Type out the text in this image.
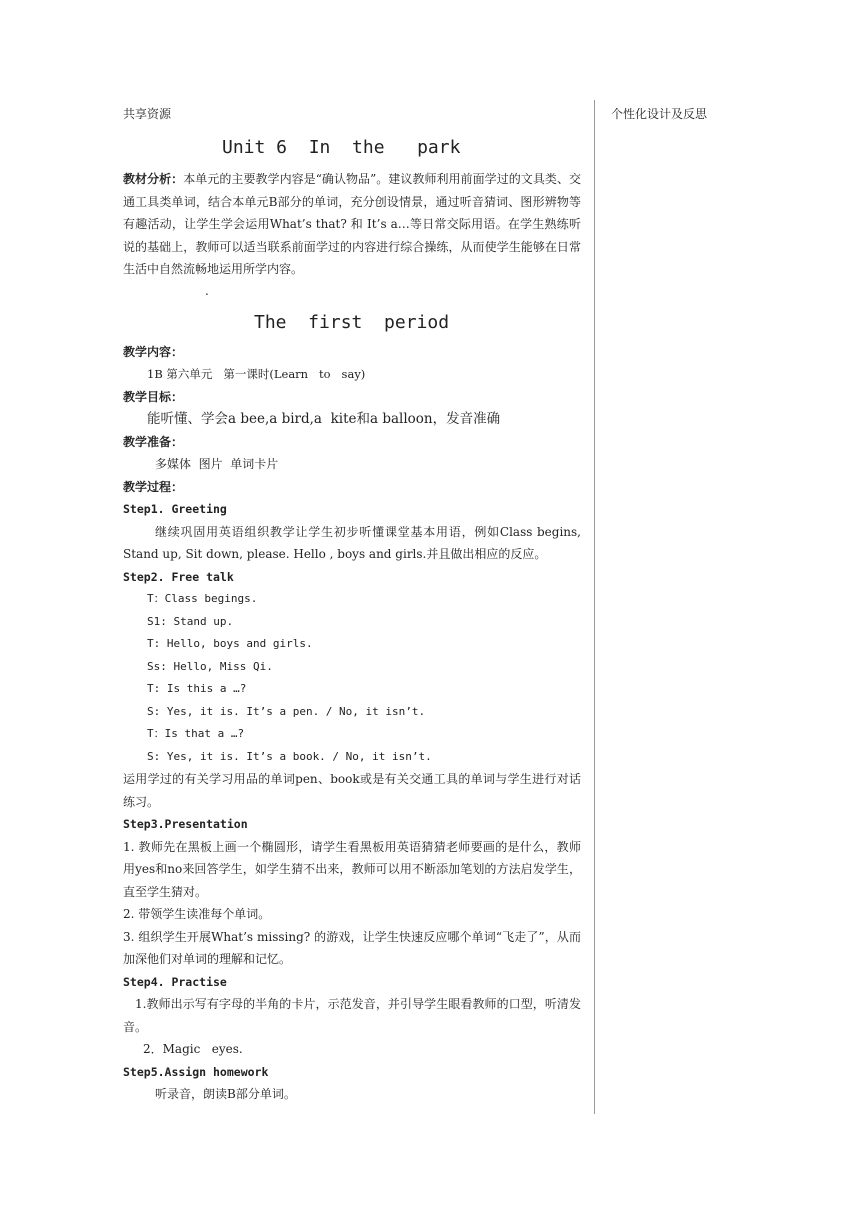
共享资源	个性化设计及反思
Unit 6  In  the   park
教材分析：本单元的主要教学内容是“确认物品”。建议教师利用前面学过的文具类、交通工具类单词，结合本单元B部分的单词，充分创设情景，通过听音猜词、图形辨物等有趣活动，让学生学会运用What’s that? 和 It’s a…等日常交际用语。在学生熟练听说的基础上，教师可以适当联系前面学过的内容进行综合操练，从而使学生能够在日常生活中自然流畅地运用所学内容。
.
The  first  period
教学内容：
1B 第六单元   第一课时(Learn   to   say)
教学目标：
能听懂、学会a bee,a bird,a  kite和a balloon，发音准确
教学准备：
多媒体  图片  单词卡片
教学过程：
Step1. Greeting
继续巩固用英语组织教学让学生初步听懂课堂基本用语，例如Class begins, Stand up, Sit down, please. Hello , boys and girls.并且做出相应的反应。
Step2. Free talk
T：Class begings.
S1: Stand up.
T: Hello, boys and girls.
Ss: Hello, Miss Qi.
T: Is this a …?
S: Yes, it is. It’s a pen. / No, it isn’t.
T：Is that a …?
S: Yes, it is. It’s a book. / No, it isn’t.
运用学过的有关学习用品的单词pen、book或是有关交通工具的单词与学生进行对话练习。
Step3.Presentation
1. 教师先在黑板上画一个椭圆形，请学生看黑板用英语猜猜老师要画的是什么，教师用yes和no来回答学生，如学生猜不出来，教师可以用不断添加笔划的方法启发学生，直至学生猜对。
2. 带领学生读准每个单词。
3. 组织学生开展What’s missing? 的游戏，让学生快速反应哪个单词“飞走了”，从而加深他们对单词的理解和记忆。
Step4. Practise
1.教师出示写有字母的半角的卡片，示范发音，并引导学生眼看教师的口型，听清发音。
2．Magic   eyes.
Step5.Assign homework
听录音，朗读B部分单词。
